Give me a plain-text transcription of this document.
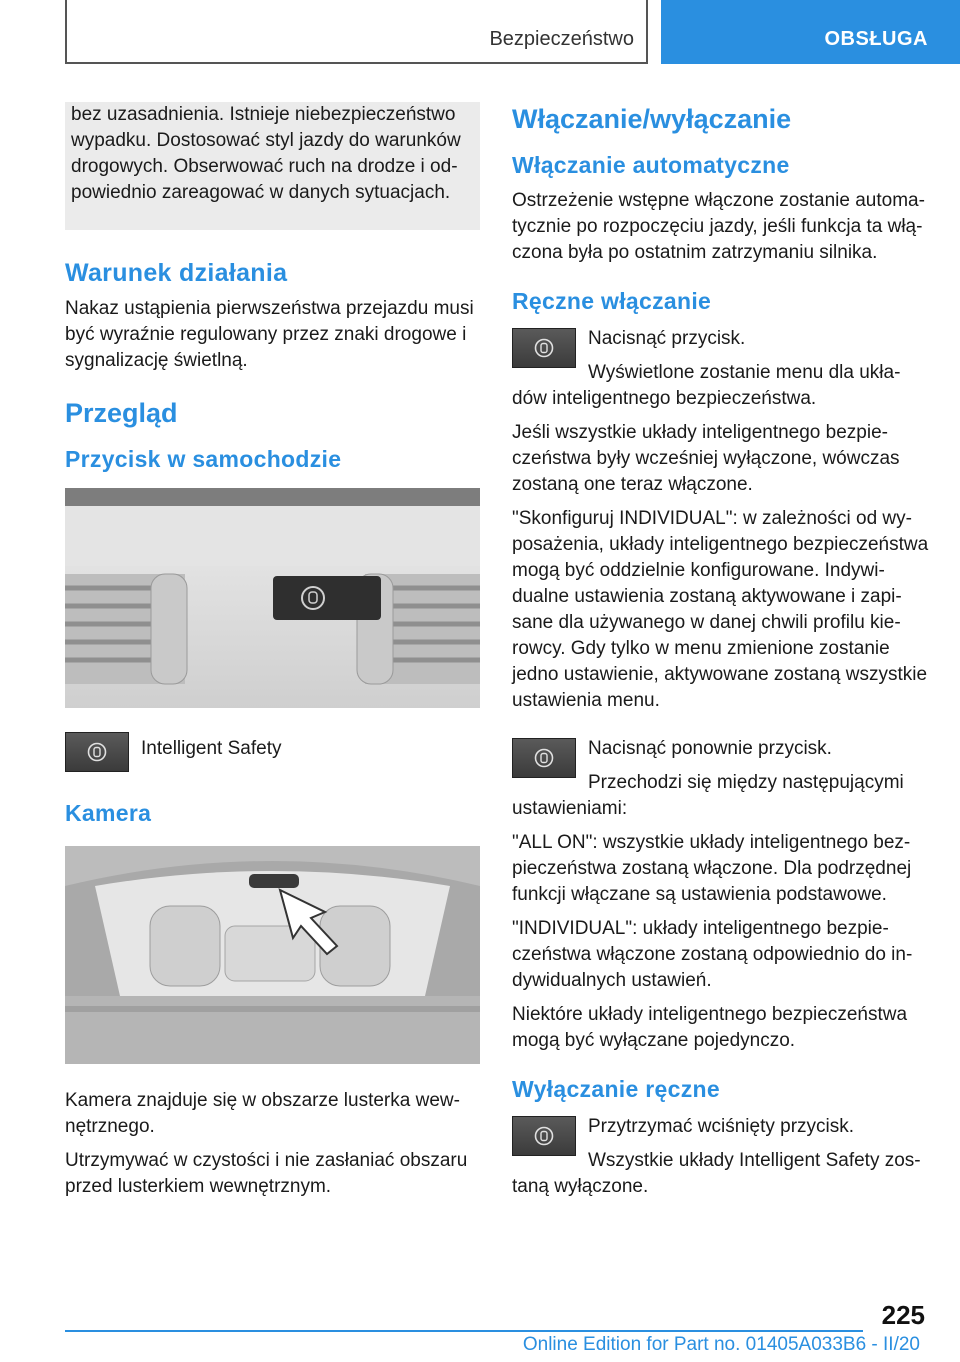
Bezpieczeństwo	OBSŁUGA

bez uzasadnienia. Istnieje niebezpieczeństwo wypadku. Dostosować styl jazdy do warunków drogowych. Obserwować ruch na drodze i od-powiednio zareagować w danych sytuacjach.

Warunek działania

Nakaz ustąpienia pierwszeństwa przejazdu musi być wyraźnie regulowany przez znaki drogowe i sygnalizację świetlną.

Przegląd
Przycisk w samochodzie

Intelligent Safety

Kamera

Kamera znajduje się w obszarze lusterka wew-nętrznego.

Utrzymywać w czystości i nie zasłaniać obszaru przed lusterkiem wewnętrznym.

Włączanie/wyłączanie
Włączanie automatyczne

Ostrzeżenie wstępne włączone zostanie automa-tycznie po rozpoczęciu jazdy, jeśli funkcja ta włą-czona była po ostatnim zatrzymaniu silnika.

Ręczne włączanie

Nacisnąć przycisk.

Wyświetlone zostanie menu dla ukła-dów inteligentnego bezpieczeństwa.

Jeśli wszystkie układy inteligentnego bezpie-czeństwa były wcześniej wyłączone, wówczas zostaną one teraz włączone.

"Skonfiguruj INDIVIDUAL": w zależności od wy-posażenia, układy inteligentnego bezpieczeństwa mogą być oddzielnie konfigurowane. Indywi-dualne ustawienia zostaną aktywowane i zapi-sane dla używanego w danej chwili profilu kie-rowcy. Gdy tylko w menu zmienione zostanie jedno ustawienie, aktywowane zostaną wszystkie ustawienia menu.

Nacisnąć ponownie przycisk.

Przechodzi się między następującymi ustawieniami:

"ALL ON": wszystkie układy inteligentnego bez-pieczeństwa zostaną włączone. Dla podrzędnej funkcji włączane są ustawienia podstawowe.

"INDIVIDUAL": układy inteligentnego bezpie-czeństwa włączone zostaną odpowiednio do in-dywidualnych ustawień.

Niektóre układy inteligentnego bezpieczeństwa mogą być wyłączane pojedynczo.

Wyłączanie ręczne

Przytrzymać wciśnięty przycisk.

Wszystkie układy Intelligent Safety zos-taną wyłączone.

225
Online Edition for Part no. 01405A033B6 - II/20
